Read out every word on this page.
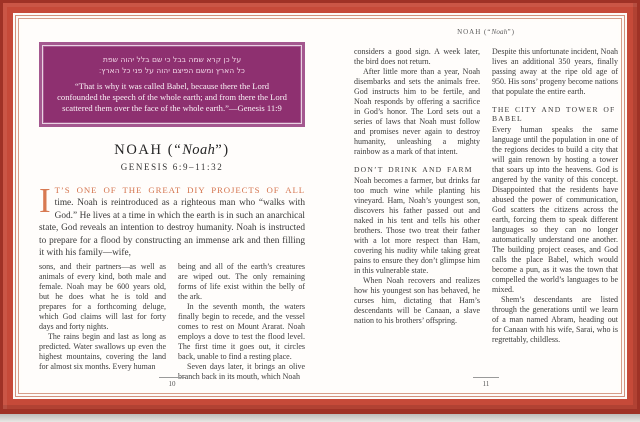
על כן קרא שמה בבל כי שם בלל יהוה שפת

כל הארץ ומשם הפיצם יהוה על פני כל הארץ׃

“That is why it was called Babel, because there the Lord confounded the speech of the whole earth; and from there the Lord scattered them over the face of the whole earth.”—Genesis 11:9

NOAH (“Noah”)
GENESIS 6:9–11:32
I T’S ONE OF THE GREAT DIY PROJECTS OF ALL time. Noah is reintroduced as a righteous man who “walks with God.” He lives at a time in which the earth is in such an anarchical state, God reveals an intention to destroy humanity. Noah is instructed to prepare for a flood by constructing an immense ark and then filling it with his family—wife,

sons, and their partners—as well as animals of every kind, both male and female. Noah may be 600 years old, but he does what he is told and prepares for a forthcoming deluge, which God claims will last for forty days and forty nights.

The rains begin and last as long as predicted. Water swallows up even the highest mountains, covering the land for almost six months. Every human

being and all of the earth’s creatures are wiped out. The only remaining forms of life exist within the belly of the ark.

In the seventh month, the waters finally begin to recede, and the vessel comes to rest on Mount Ararat. Noah employs a dove to test the flood level. The first time it goes out, it circles back, unable to find a resting place.

Seven days later, it brings an olive branch back in its mouth, which Noah

10
NOAH (“Noah”)

considers a good sign. A week later, the bird does not return.

After little more than a year, Noah disembarks and sets the animals free. God instructs him to be fertile, and Noah responds by offering a sacrifice in God’s honor. The Lord sets out a series of laws that Noah must follow and promises never again to destroy humanity, unleashing a mighty rainbow as a mark of that intent.

DON’T DRINK AND FARM

Noah becomes a farmer, but drinks far too much wine while planting his vineyard. Ham, Noah’s youngest son, discovers his father passed out and naked in his tent and tells his other brothers. Those two treat their father with a lot more respect than Ham, covering his nudity while taking great pains to ensure they don’t glimpse him in this vulnerable state.

When Noah recovers and realizes how his youngest son has behaved, he curses him, dictating that Ham’s descendants will be Canaan, a slave nation to his brothers’ offspring.

Despite this unfortunate incident, Noah lives an additional 350 years, finally passing away at the ripe old age of 950. His sons’ progeny become nations that populate the entire earth.

THE CITY AND TOWER OF BABEL

Every human speaks the same language until the population in one of the regions decides to build a city that will gain renown by hosting a tower that soars up into the heavens. God is angered by the vanity of this concept. Disappointed that the residents have abused the power of communication, God scatters the citizens across the earth, forcing them to speak different languages so they can no longer automatically understand one another. The building project ceases, and God calls the place Babel, which would become a pun, as it was the town that compelled the world’s languages to be mixed.

Shem’s descendants are listed through the generations until we learn of a man named Abram, heading out for Canaan with his wife, Sarai, who is regrettably, childless.

11
